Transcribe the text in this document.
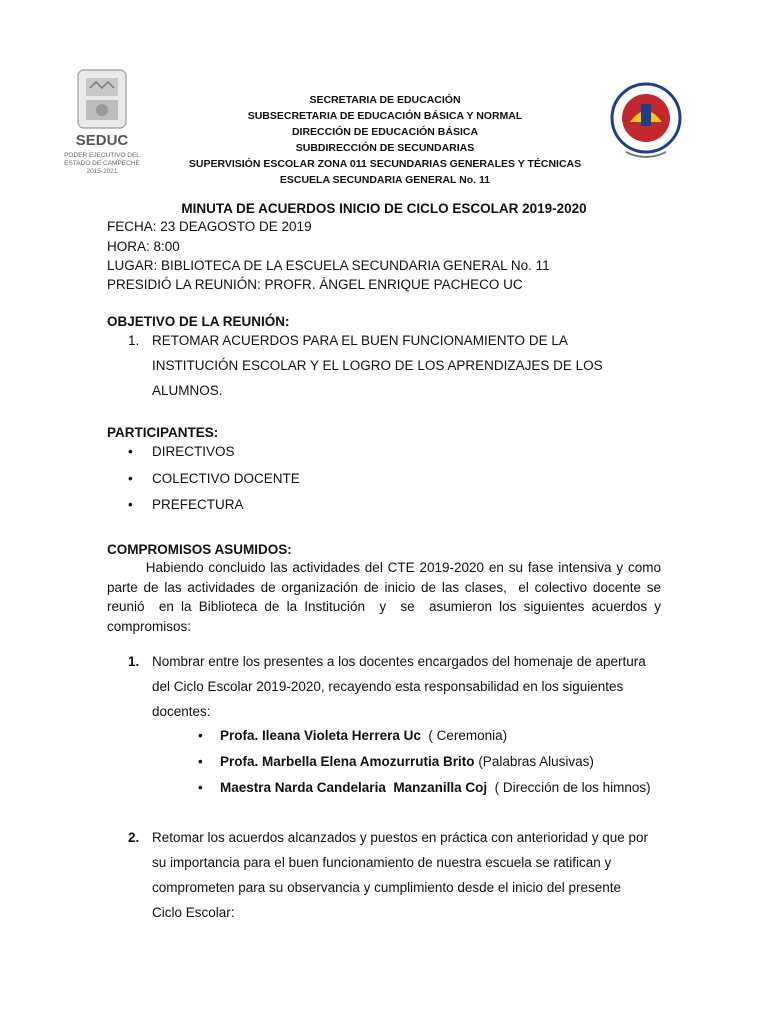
SEDUC
PODER EJECUTIVO DEL
ESTADO DE CAMPECHE
2015-2021
SECRETARIA DE EDUCACIÓN
SUBSECRETARIA DE EDUCACIÓN BÁSICA Y NORMAL
DIRECCIÓN DE EDUCACIÓN BÁSICA
SUBDIRECCIÓN DE SECUNDARIAS
SUPERVISIÓN ESCOLAR ZONA 011 SECUNDARIAS GENERALES Y TÉCNICAS
ESCUELA SECUNDARIA GENERAL No. 11
MINUTA DE ACUERDOS INICIO DE CICLO ESCOLAR 2019-2020
FECHA: 23 DEAGOSTO DE 2019
HORA: 8:00
LUGAR: BIBLIOTECA DE LA ESCUELA SECUNDARIA GENERAL No. 11
PRESIDIÓ LA REUNIÓN: PROFR. ÁNGEL ENRIQUE PACHECO UC
OBJETIVO DE LA REUNIÓN:
1. RETOMAR ACUERDOS PARA EL BUEN FUNCIONAMIENTO DE LA
INSTITUCIÓN ESCOLAR Y EL LOGRO DE LOS APRENDIZAJES DE LOS
ALUMNOS.
PARTICIPANTES:
• DIRECTIVOS
• COLECTIVO DOCENTE
• PREFECTURA
COMPROMISOS ASUMIDOS:
Habiendo concluido las actividades del CTE 2019-2020 en su fase intensiva y como parte de las actividades de organización de inicio de las clases,  el colectivo docente se reunió  en la Biblioteca de la Institución  y  se  asumieron los siguientes acuerdos y compromisos:
1. Nombrar entre los presentes a los docentes encargados del homenaje de apertura
del Ciclo Escolar 2019-2020, recayendo esta responsabilidad en los siguientes
docentes:
• Profa. Ileana Violeta Herrera Uc  ( Ceremonia)
• Profa. Marbella Elena Amozurrutia Brito (Palabras Alusivas)
• Maestra Narda Candelaria  Manzanilla Coj  ( Dirección de los himnos)
2. Retomar los acuerdos alcanzados y puestos en práctica con anterioridad y que por
su importancia para el buen funcionamiento de nuestra escuela se ratifican y
comprometen para su observancia y cumplimiento desde el inicio del presente
Ciclo Escolar:
